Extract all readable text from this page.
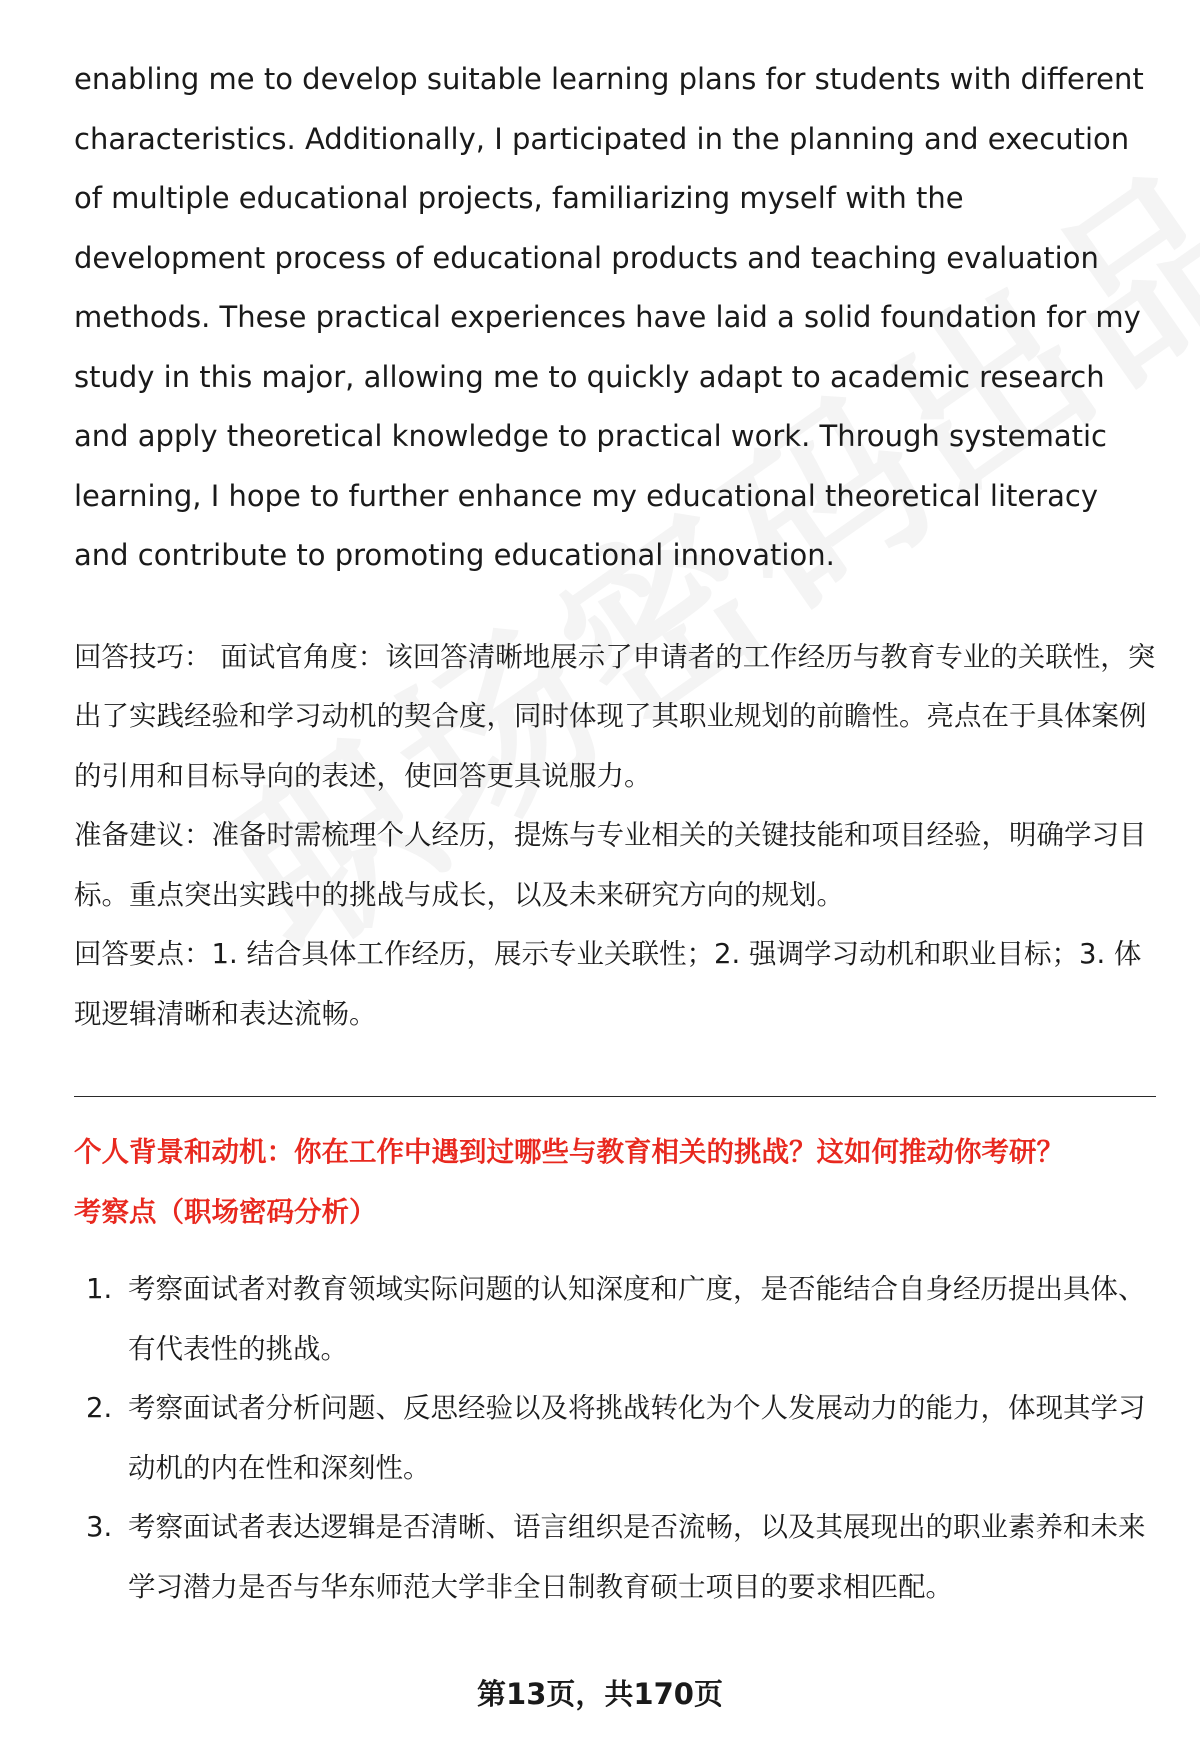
enabling me to develop suitable learning plans for students with different characteristics. Additionally, I participated in the planning and execution of multiple educational projects, familiarizing myself with the development process of educational products and teaching evaluation methods. These practical experiences have laid a solid foundation for my study in this major, allowing me to quickly adapt to academic research and apply theoretical knowledge to practical work. Through systematic learning, I hope to further enhance my educational theoretical literacy and contribute to promoting educational innovation.

回答技巧： 面试官角度：该回答清晰地展示了申请者的工作经历与教育专业的关联性，突出了实践经验和学习动机的契合度，同时体现了其职业规划的前瞻性。亮点在于具体案例的引用和目标导向的表述，使回答更具说服力。

准备建议：准备时需梳理个人经历，提炼与专业相关的关键技能和项目经验，明确学习目标。重点突出实践中的挑战与成长，以及未来研究方向的规划。

回答要点：1. 结合具体工作经历，展示专业关联性；2. 强调学习动机和职业目标；3. 体现逻辑清晰和表达流畅。

个人背景和动机：你在工作中遇到过哪些与教育相关的挑战？这如何推动你考研？

考察点（职场密码分析）

1. 考察面试者对教育领域实际问题的认知深度和广度，是否能结合自身经历提出具体、有代表性的挑战。
2. 考察面试者分析问题、反思经验以及将挑战转化为个人发展动力的能力，体现其学习动机的内在性和深刻性。
3. 考察面试者表达逻辑是否清晰、语言组织是否流畅，以及其展现出的职业素养和未来学习潜力是否与华东师范大学非全日制教育硕士项目的要求相匹配。
第13页，共170页
